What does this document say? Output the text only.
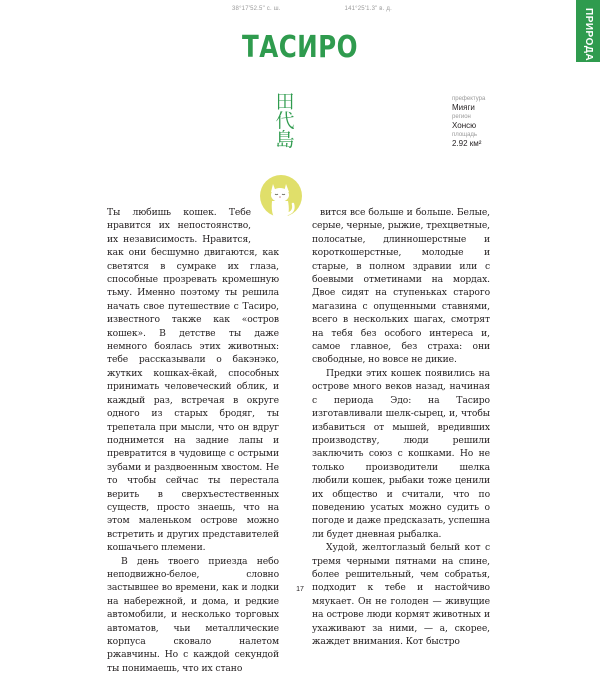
38°17'52.5" с. ш.	141°25'1.3" в. д.	ПРИРОДА
ТАСИРО
田
代
島
префектура
Мияги
регион
Хонсю
площадь
2.92 км²

Ты любишь кошек. Тебе нравится их непостоянство, их независимость. Нравится, как они бесшумно двигаются, как светятся в сумраке их глаза, способные прозревать кромешную тьму. Именно поэтому ты решила начать свое путешествие с Тасиро, известного также как «остров кошек». В детстве ты даже немного боялась этих животных: тебе рассказывали о бакэнэко, жутких кошках-ёкай, способных принимать человеческий облик, и каждый раз, встречая в округе одного из старых бродяг, ты трепетала при мысли, что он вдруг поднимется на задние лапы и превратится в чудовище с острыми зубами и раздвоенным хвостом. Не то чтобы сейчас ты перестала верить в сверхъестественных существ, просто знаешь, что на этом маленьком острове можно встретить и других представителей кошачьего племени.

В день твоего приезда небо неподвижно-белое, словно застывшее во времени, как и лодки на набережной, и дома, и редкие автомобили, и несколько торговых автоматов, чьи металлические корпуса сковало налетом ржавчины. Но с каждой секундой ты понимаешь, что их стано

вится все больше и больше. Белые, серые, черные, рыжие, трехцветные, полосатые, длинношерстные и короткошерстные, молодые и старые, в полном здравии или с боевыми отметинами на мордах. Двое сидят на ступеньках старого магазина с опущенными ставнями, всего в нескольких шагах, смотрят на тебя без особого интереса и, самое главное, без страха: они свободные, но вовсе не дикие.

Предки этих кошек появились на острове много веков назад, начиная с периода Эдо: на Тасиро изготавливали шелк-сырец, и, чтобы избавиться от мышей, вредивших производству, люди решили заключить союз с кошками. Но не только производители шелка любили кошек, рыбаки тоже ценили их общество и считали, что по поведению усатых можно судить о погоде и даже предсказать, успешна ли будет дневная рыбалка.

Худой, желтоглазый белый кот с тремя черными пятнами на спине, более решительный, чем собратья, подходит к тебе и настойчиво мяукает. Он не голоден — живущие на острове люди кормят животных и ухаживают за ними, — а, скорее, жаждет внимания. Кот быстро

17
